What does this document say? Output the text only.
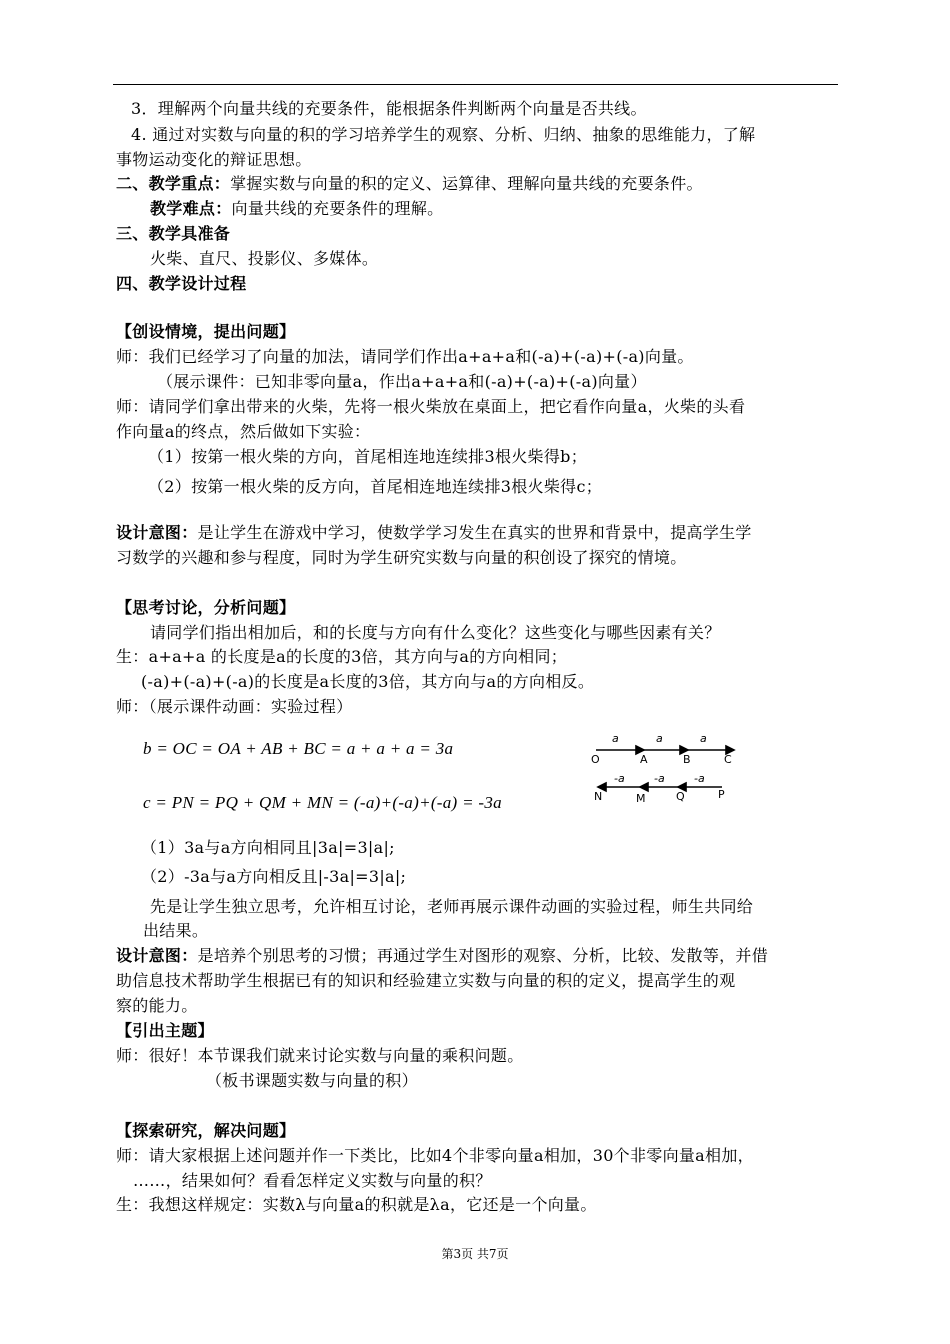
3．理解两个向量共线的充要条件，能根据条件判断两个向量是否共线。
4. 通过对实数与向量的积的学习培养学生的观察、分析、归纳、抽象的思维能力，了解
事物运动变化的辩证思想。
二、教学重点：掌握实数与向量的积的定义、运算律、理解向量共线的充要条件。
教学难点：向量共线的充要条件的理解。
三、教学具准备
火柴、直尺、投影仪、多媒体。
四、教学设计过程
【创设情境，提出问题】
师：我们已经学习了向量的加法，请同学们作出a+a+a和(-a)+(-a)+(-a)向量。
（展示课件：已知非零向量a，作出a+a+a和(-a)+(-a)+(-a)向量）
师：请同学们拿出带来的火柴，先将一根火柴放在桌面上，把它看作向量a，火柴的头看
作向量a的终点，然后做如下实验：
（1）按第一根火柴的方向，首尾相连地连续排3根火柴得b；
（2）按第一根火柴的反方向，首尾相连地连续排3根火柴得c；
设计意图：是让学生在游戏中学习，使数学学习发生在真实的世界和背景中，提高学生学
习数学的兴趣和参与程度，同时为学生研究实数与向量的积创设了探究的情境。
【思考讨论，分析问题】
请同学们指出相加后，和的长度与方向有什么变化？这些变化与哪些因素有关？
生：a+a+a 的长度是a的长度的3倍，其方向与a的方向相同；
(-a)+(-a)+(-a)的长度是a长度的3倍，其方向与a的方向相反。
师：（展示课件动画：实验过程）
b = OC = OA + AB + BC = a + a + a = 3a
c = PN = PQ + QM + MN = (-a)+(-a)+(-a) = -3a
a	a	a
O	A	B	C
-a	-a	-a
N	M	Q	P
（1）3a与a方向相同且|3a|=3|a|;
（2）-3a与a方向相反且|-3a|=3|a|;
先是让学生独立思考，允许相互讨论，老师再展示课件动画的实验过程，师生共同给
出结果。
设计意图：是培养个别思考的习惯；再通过学生对图形的观察、分析，比较、发散等，并借
助信息技术帮助学生根据已有的知识和经验建立实数与向量的积的定义，提高学生的观
察的能力。
【引出主题】
师：很好！本节课我们就来讨论实数与向量的乘积问题。
（板书课题实数与向量的积）
【探索研究，解决问题】
师：请大家根据上述问题并作一下类比，比如4个非零向量a相加，30个非零向量a相加，
……，结果如何？看看怎样定义实数与向量的积？
生：我想这样规定：实数λ与向量a的积就是λa，它还是一个向量。
第3页 共7页
